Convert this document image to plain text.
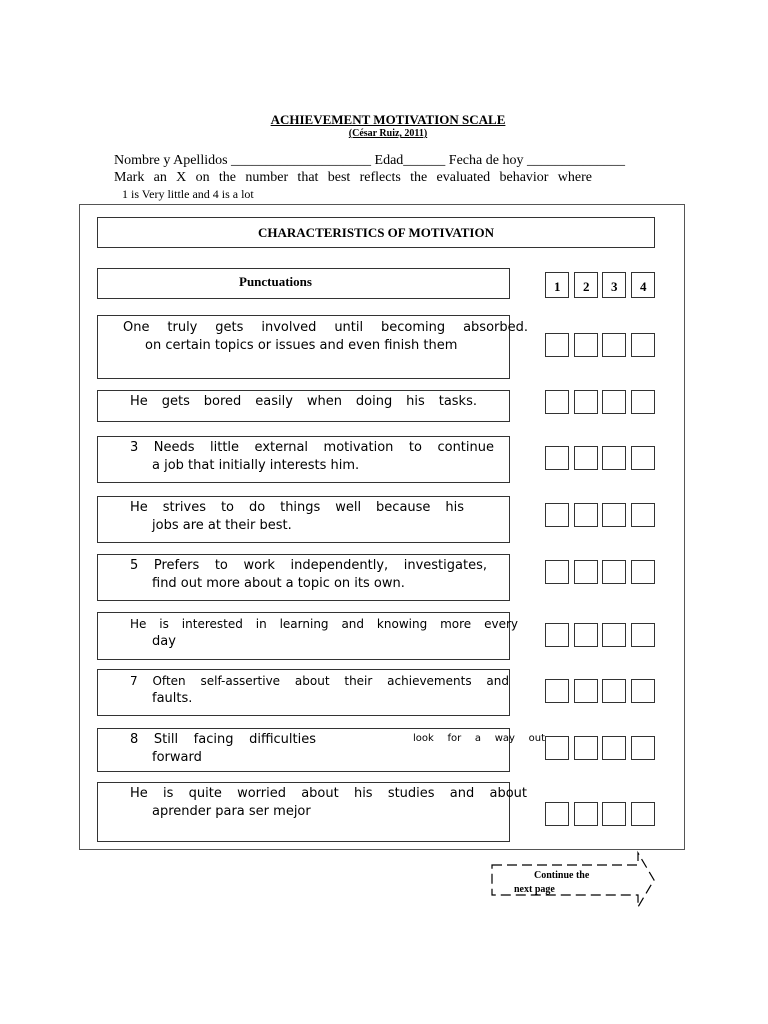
ACHIEVEMENT MOTIVATION SCALE
(César Ruiz, 2011)
Nombre y Apellidos ____________________ Edad______ Fecha de hoy ______________
Mark an X on the number that best reflects the evaluated behavior where
1 is Very little and 4 is a lot
CHARACTERISTICS OF MOTIVATION
Punctuations	1 2 3 4
One truly gets involved until becoming absorbed.
on certain topics or issues and even finish them
He gets bored easily when doing his tasks.
3 Needs little external motivation to continue
a job that initially interests him.
He strives to do things well because his
jobs are at their best.
5 Prefers to work independently, investigates,
find out more about a topic on its own.
He is interested in learning and knowing more every
day
7 Often self-assertive about their achievements and
faults.
8 Still facing difficulties	look for a way out
forward
He is quite worried about his studies and about
aprender para ser mejor
Continue the
next page
